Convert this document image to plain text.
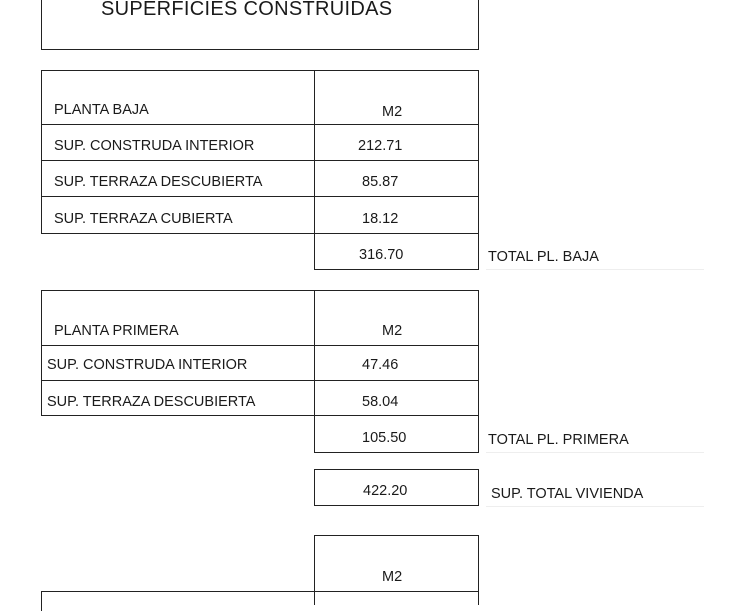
SUPERFICIES CONSTRUIDAS
PLANTA BAJA	M2
SUP. CONSTRUDA INTERIOR	212.71
SUP. TERRAZA DESCUBIERTA	85.87
SUP. TERRAZA CUBIERTA	18.12
316.70	TOTAL PL. BAJA
PLANTA PRIMERA	M2
SUP. CONSTRUDA INTERIOR	47.46
SUP. TERRAZA DESCUBIERTA	58.04
105.50	TOTAL PL. PRIMERA
422.20	SUP. TOTAL VIVIENDA
M2
